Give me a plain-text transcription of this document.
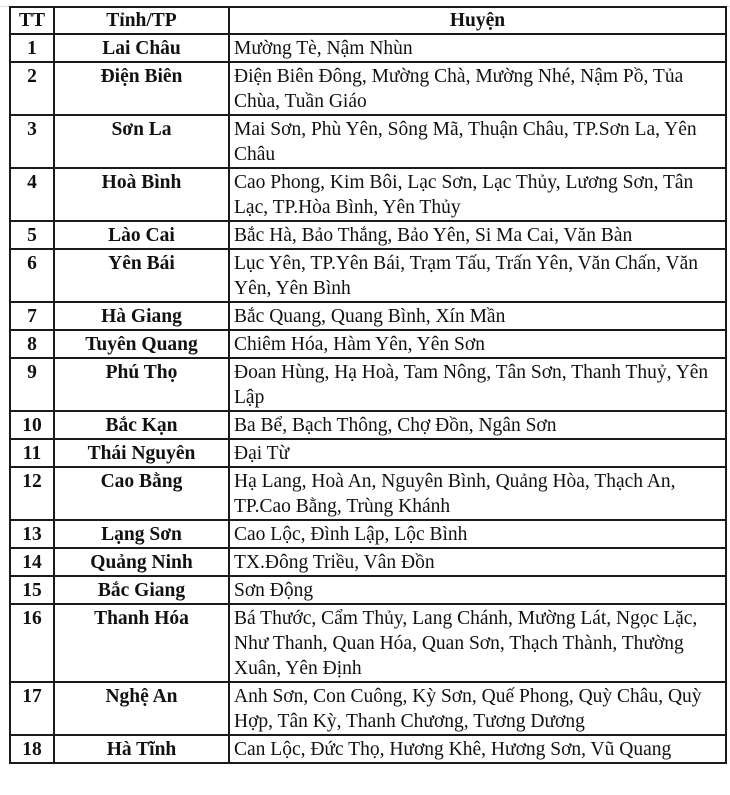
TT	Tỉnh/TP	Huyện
1	Lai Châu	Mường Tè, Nậm Nhùn
2	Điện Biên	Điện Biên Đông, Mường Chà, Mường Nhé, Nậm Pồ, Tủa Chùa, Tuần Giáo
3	Sơn La	Mai Sơn, Phù Yên, Sông Mã, Thuận Châu, TP.Sơn La, Yên Châu
4	Hoà Bình	Cao Phong, Kim Bôi, Lạc Sơn, Lạc Thủy, Lương Sơn, Tân Lạc, TP.Hòa Bình, Yên Thủy
5	Lào Cai	Bắc Hà, Bảo Thắng, Bảo Yên, Si Ma Cai, Văn Bàn
6	Yên Bái	Lục Yên, TP.Yên Bái, Trạm Tấu, Trấn Yên, Văn Chấn, Văn Yên, Yên Bình
7	Hà Giang	Bắc Quang, Quang Bình, Xín Mần
8	Tuyên Quang	Chiêm Hóa, Hàm Yên, Yên Sơn
9	Phú Thọ	Đoan Hùng, Hạ Hoà, Tam Nông, Tân Sơn, Thanh Thuỷ, Yên Lập
10	Bắc Kạn	Ba Bể, Bạch Thông, Chợ Đồn, Ngân Sơn
11	Thái Nguyên	Đại Từ
12	Cao Bằng	Hạ Lang, Hoà An, Nguyên Bình, Quảng Hòa, Thạch An, TP.Cao Bằng, Trùng Khánh
13	Lạng Sơn	Cao Lộc, Đình Lập, Lộc Bình
14	Quảng Ninh	TX.Đông Triều, Vân Đồn
15	Bắc Giang	Sơn Động
16	Thanh Hóa	Bá Thước, Cẩm Thủy, Lang Chánh, Mường Lát, Ngọc Lặc, Như Thanh, Quan Hóa, Quan Sơn, Thạch Thành, Thường Xuân, Yên Định
17	Nghệ An	Anh Sơn, Con Cuông, Kỳ Sơn, Quế Phong, Quỳ Châu, Quỳ Hợp, Tân Kỳ, Thanh Chương, Tương Dương
18	Hà Tĩnh	Can Lộc, Đức Thọ, Hương Khê, Hương Sơn, Vũ Quang
